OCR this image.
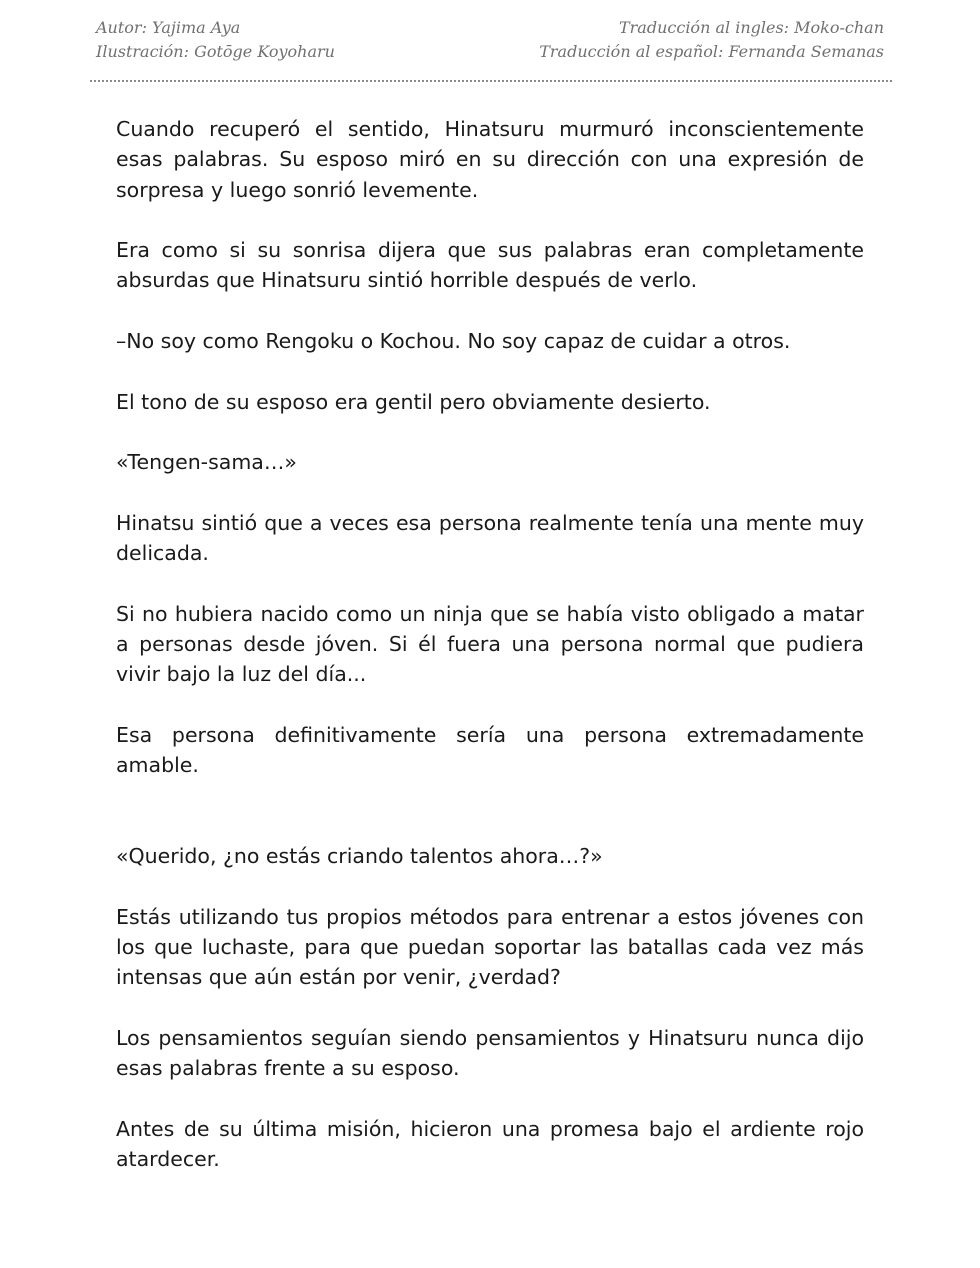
Autor: Yajima Aya
Ilustración: Gotōge Koyoharu
Traducción al ingles: Moko-chan
Traducción al español: Fernanda Semanas

Cuando recuperó el sentido, Hinatsuru murmuró inconscientemente esas palabras. Su esposo miró en su dirección con una expresión de sorpresa y luego sonrió levemente.

Era como si su sonrisa dijera que sus palabras eran completamente absurdas que Hinatsuru sintió horrible después de verlo.

–No soy como Rengoku o Kochou. No soy capaz de cuidar a otros.

El tono de su esposo era gentil pero obviamente desierto.

«Tengen-sama…»

Hinatsu sintió que a veces esa persona realmente tenía una mente muy delicada.

Si no hubiera nacido como un ninja que se había visto obligado a matar a personas desde jóven. Si él fuera una persona normal que pudiera vivir bajo la luz del día...

Esa persona definitivamente sería una persona extremadamente amable.

«Querido, ¿no estás criando talentos ahora…?»

Estás utilizando tus propios métodos para entrenar a estos jóvenes con los que luchaste, para que puedan soportar las batallas cada vez más intensas que aún están por venir, ¿verdad?

Los pensamientos seguían siendo pensamientos y Hinatsuru nunca dijo esas palabras frente a su esposo.

Antes de su última misión, hicieron una promesa bajo el ardiente rojo atardecer.
